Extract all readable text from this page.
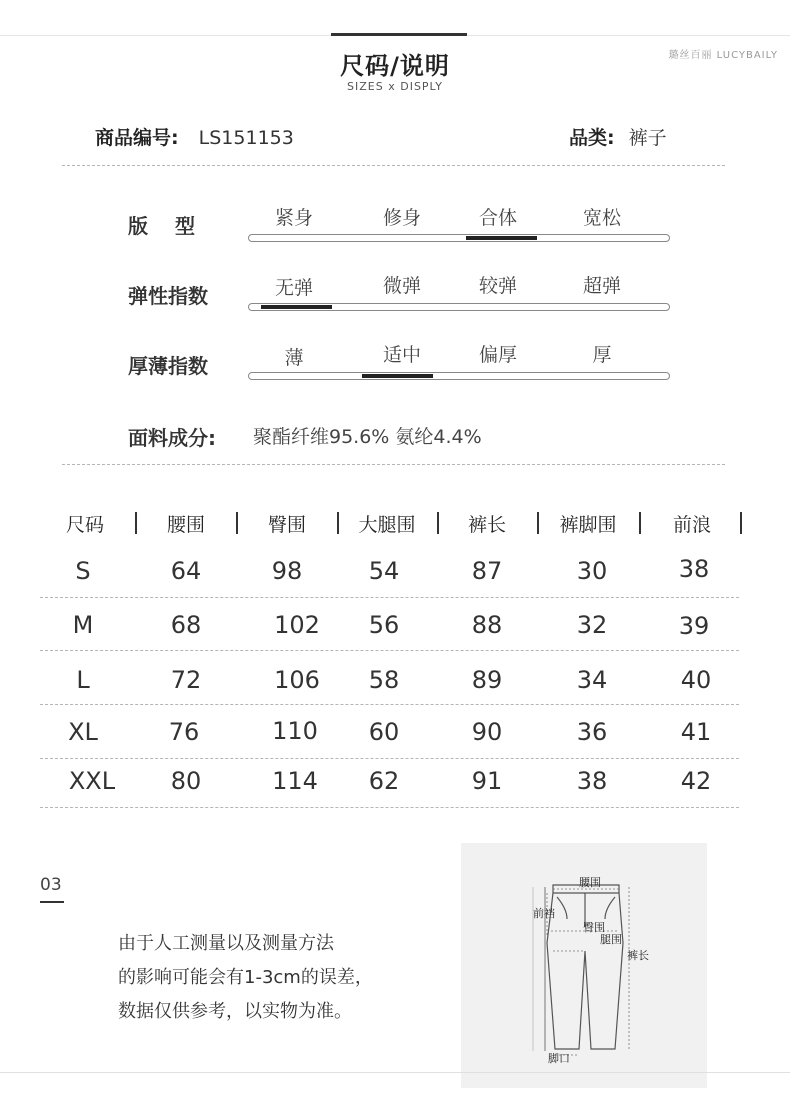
尺码/说明
SIZES x DISPLY
璐丝百丽 LUCYBAILY
商品编号: LS151153	品类: 裤子
版 型	紧身	修身	合体	宽松
弹性指数	无弹	微弹	较弹	超弹
厚薄指数	薄	适中	偏厚	厚
面料成分: 聚酯纤维95.6% 氨纶4.4%
尺码	腰围	臀围	大腿围	裤长	裤脚围	前浪
S	64	98	54	87	30	38
M	68	102	56	88	32	39
L	72	106	58	89	34	40
XL	76	110	60	90	36	41
XXL	80	114	62	91	38	42
03
由于人工测量以及测量方法
的影响可能会有1-3cm的误差，
数据仅供参考，以实物为准。
腰围
前裆
臀围
腿围
裤长
脚口
